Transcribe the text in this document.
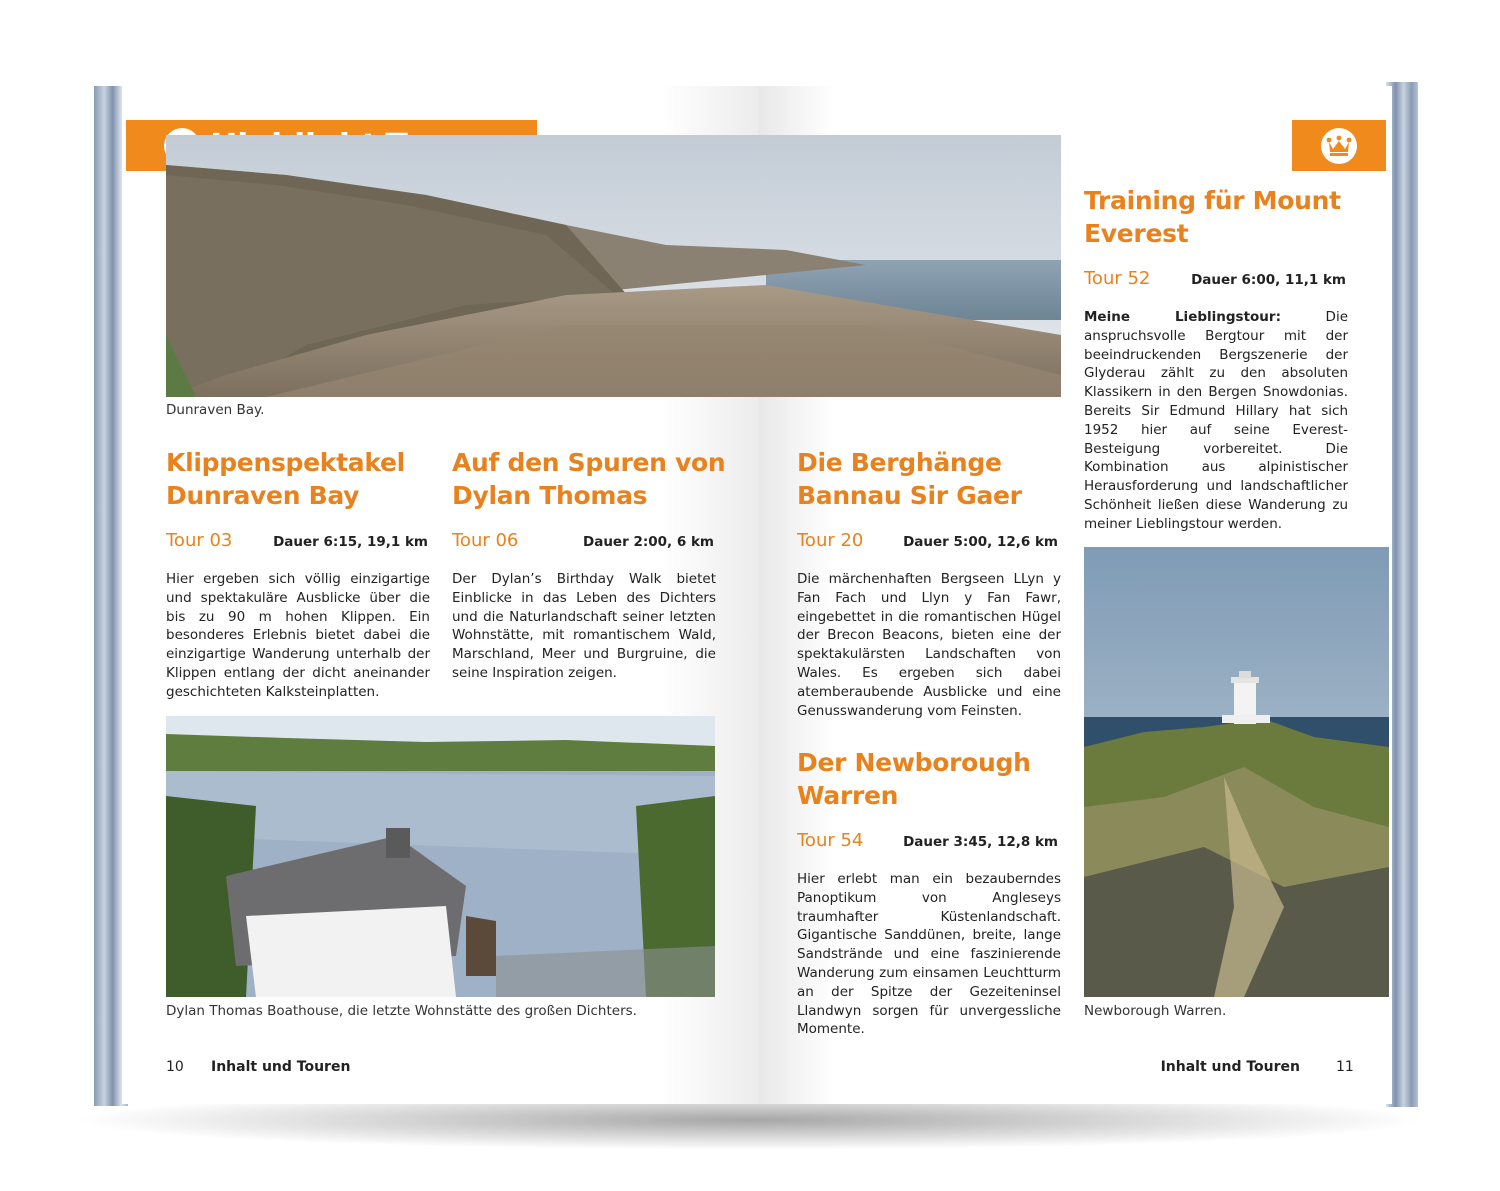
Dunraven Bay.
Klippenspektakel
Dunraven Bay
Tour 03	Dauer 6:15, 19,1 km
Hier ergeben sich völlig einzigartige und spektakuläre Ausblicke über die bis zu 90 m hohen Klippen. Ein besonderes Erlebnis bietet dabei die einzigartige Wanderung unterhalb der Klippen entlang der dicht aneinander geschichteten Kalksteinplatten.
Auf den Spuren von
Dylan Thomas
Tour 06	Dauer 2:00, 6 km
Der Dylan’s Birthday Walk bietet Einblicke in das Leben des Dichters und die Naturlandschaft seiner letzten Wohnstätte, mit romantischem Wald, Marschland, Meer und Burgruine, die seine Inspiration zeigen.
Dylan Thomas Boathouse, die letzte Wohnstätte des großen Dichters.
Die Berghänge
Bannau Sir Gaer
Tour 20	Dauer 5:00, 12,6 km
Die märchenhaften Bergseen LLyn y Fan Fach und Llyn y Fan Fawr, eingebettet in die romantischen Hügel der Brecon Beacons, bieten eine der spektakulärsten Landschaften von Wales. Es ergeben sich dabei atemberaubende Ausblicke und eine Genusswanderung vom Feinsten.
Der Newborough
Warren
Tour 54	Dauer 3:45, 12,8 km
Hier erlebt man ein bezauberndes Panoptikum von Angleseys traumhafter Küstenlandschaft. Gigantische Sanddünen, breite, lange Sandstrände und eine faszinierende Wanderung zum einsamen Leuchtturm an der Spitze der Gezeiteninsel Llandwyn sorgen für unvergessliche Momente.
Training für Mount
Everest
Tour 52	Dauer 6:00, 11,1 km
Meine Lieblingstour:	Die anspruchsvolle Bergtour mit der beeindruckenden Bergszenerie der Glyderau zählt zu den absoluten Klassikern in den Bergen Snowdonias. Bereits Sir Edmund Hillary hat sich 1952 hier auf seine Everest-Besteigung vorbereitet. Die Kombination aus alpinistischer Herausforderung und landschaftlicher Schönheit ließen diese Wanderung zu meiner Lieblingstour werden.
Newborough Warren.
10 Inhalt und Touren	Inhalt und Touren	11
